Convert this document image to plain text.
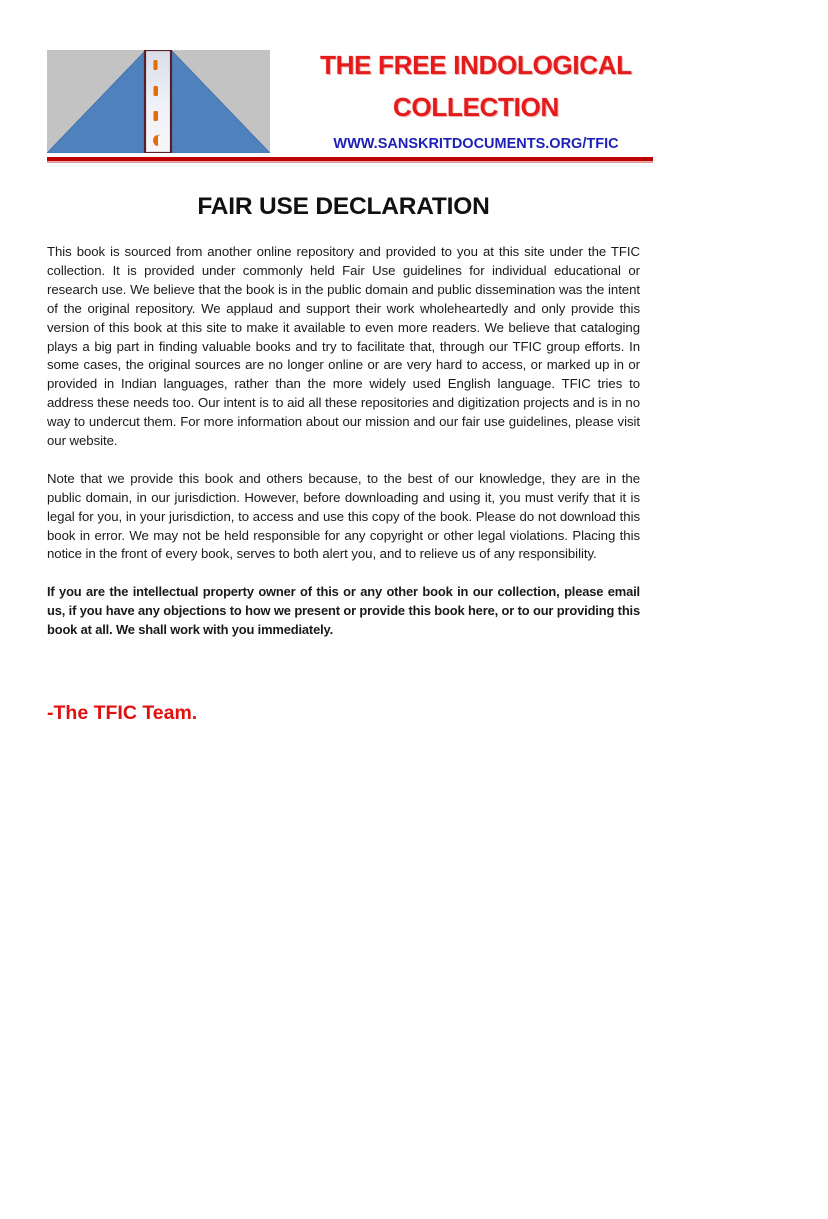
THE FREE INDOLOGICAL
COLLECTION
WWW.SANSKRITDOCUMENTS.ORG/TFIC
FAIR USE DECLARATION

This book is sourced from another online repository and provided to you at this site under the TFIC collection. It is provided under commonly held Fair Use guidelines for individual educational or research use. We believe that the book is in the public domain and public dissemination was the intent of the original repository. We applaud and support their work wholeheartedly and only provide this version of this book at this site to make it available to even more readers. We believe that cataloging plays a big part in finding valuable books and try to facilitate that, through our TFIC group efforts. In some cases, the original sources are no longer online or are very hard to access, or marked up in or provided in Indian languages, rather than the more widely used English language. TFIC tries to address these needs too. Our intent is to aid all these repositories and digitization projects and is in no way to undercut them. For more information about our mission and our fair use guidelines, please visit our website.

Note that we provide this book and others because, to the best of our knowledge, they are in the public domain, in our jurisdiction. However, before downloading and using it, you must verify that it is legal for you, in your jurisdiction, to access and use this copy of the book. Please do not download this book in error. We may not be held responsible for any copyright or other legal violations. Placing this notice in the front of every book, serves to both alert you, and to relieve us of any responsibility.

If you are the intellectual property owner of this or any other book in our collection, please email us, if you have any objections to how we present or provide this book here, or to our providing this book at all. We shall work with you immediately.

-The TFIC Team.
